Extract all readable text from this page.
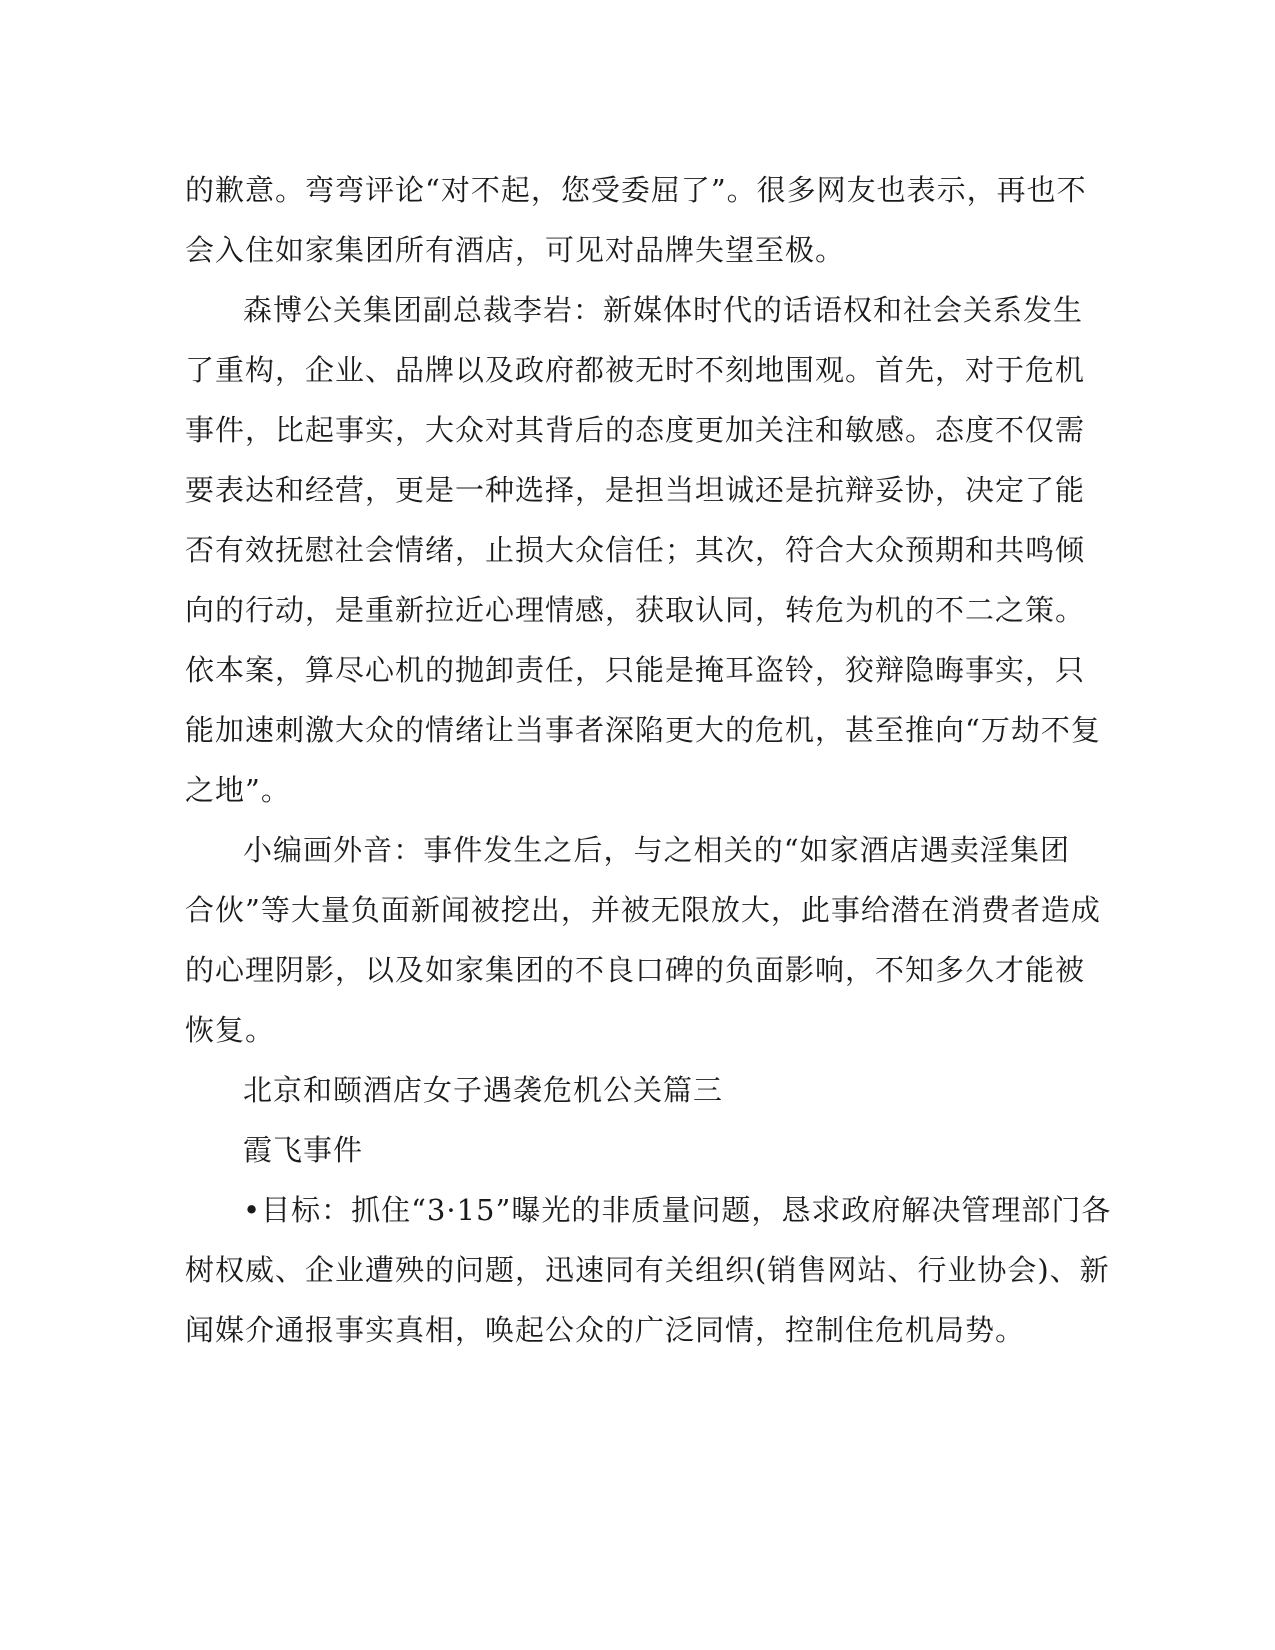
的歉意。弯弯评论“对不起，您受委屈了”。很多网友也表示，再也不
会入住如家集团所有酒店，可见对品牌失望至极。
森博公关集团副总裁李岩：新媒体时代的话语权和社会关系发生
了重构，企业、品牌以及政府都被无时不刻地围观。首先，对于危机
事件，比起事实，大众对其背后的态度更加关注和敏感。态度不仅需
要表达和经营，更是一种选择，是担当坦诚还是抗辩妥协，决定了能
否有效抚慰社会情绪，止损大众信任；其次，符合大众预期和共鸣倾
向的行动，是重新拉近心理情感，获取认同，转危为机的不二之策。
依本案，算尽心机的抛卸责任，只能是掩耳盗铃，狡辩隐晦事实，只
能加速刺激大众的情绪让当事者深陷更大的危机，甚至推向“万劫不复
之地”。
小编画外音：事件发生之后，与之相关的“如家酒店遇卖淫集团
合伙”等大量负面新闻被挖出，并被无限放大，此事给潜在消费者造成
的心理阴影，以及如家集团的不良口碑的负面影响，不知多久才能被
恢复。
北京和颐酒店女子遇袭危机公关篇三
霞飞事件
•目标：抓住“3·15”曝光的非质量问题，恳求政府解决管理部门各
树权威、企业遭殃的问题，迅速同有关组织(销售网站、行业协会)、新
闻媒介通报事实真相，唤起公众的广泛同情，控制住危机局势。
